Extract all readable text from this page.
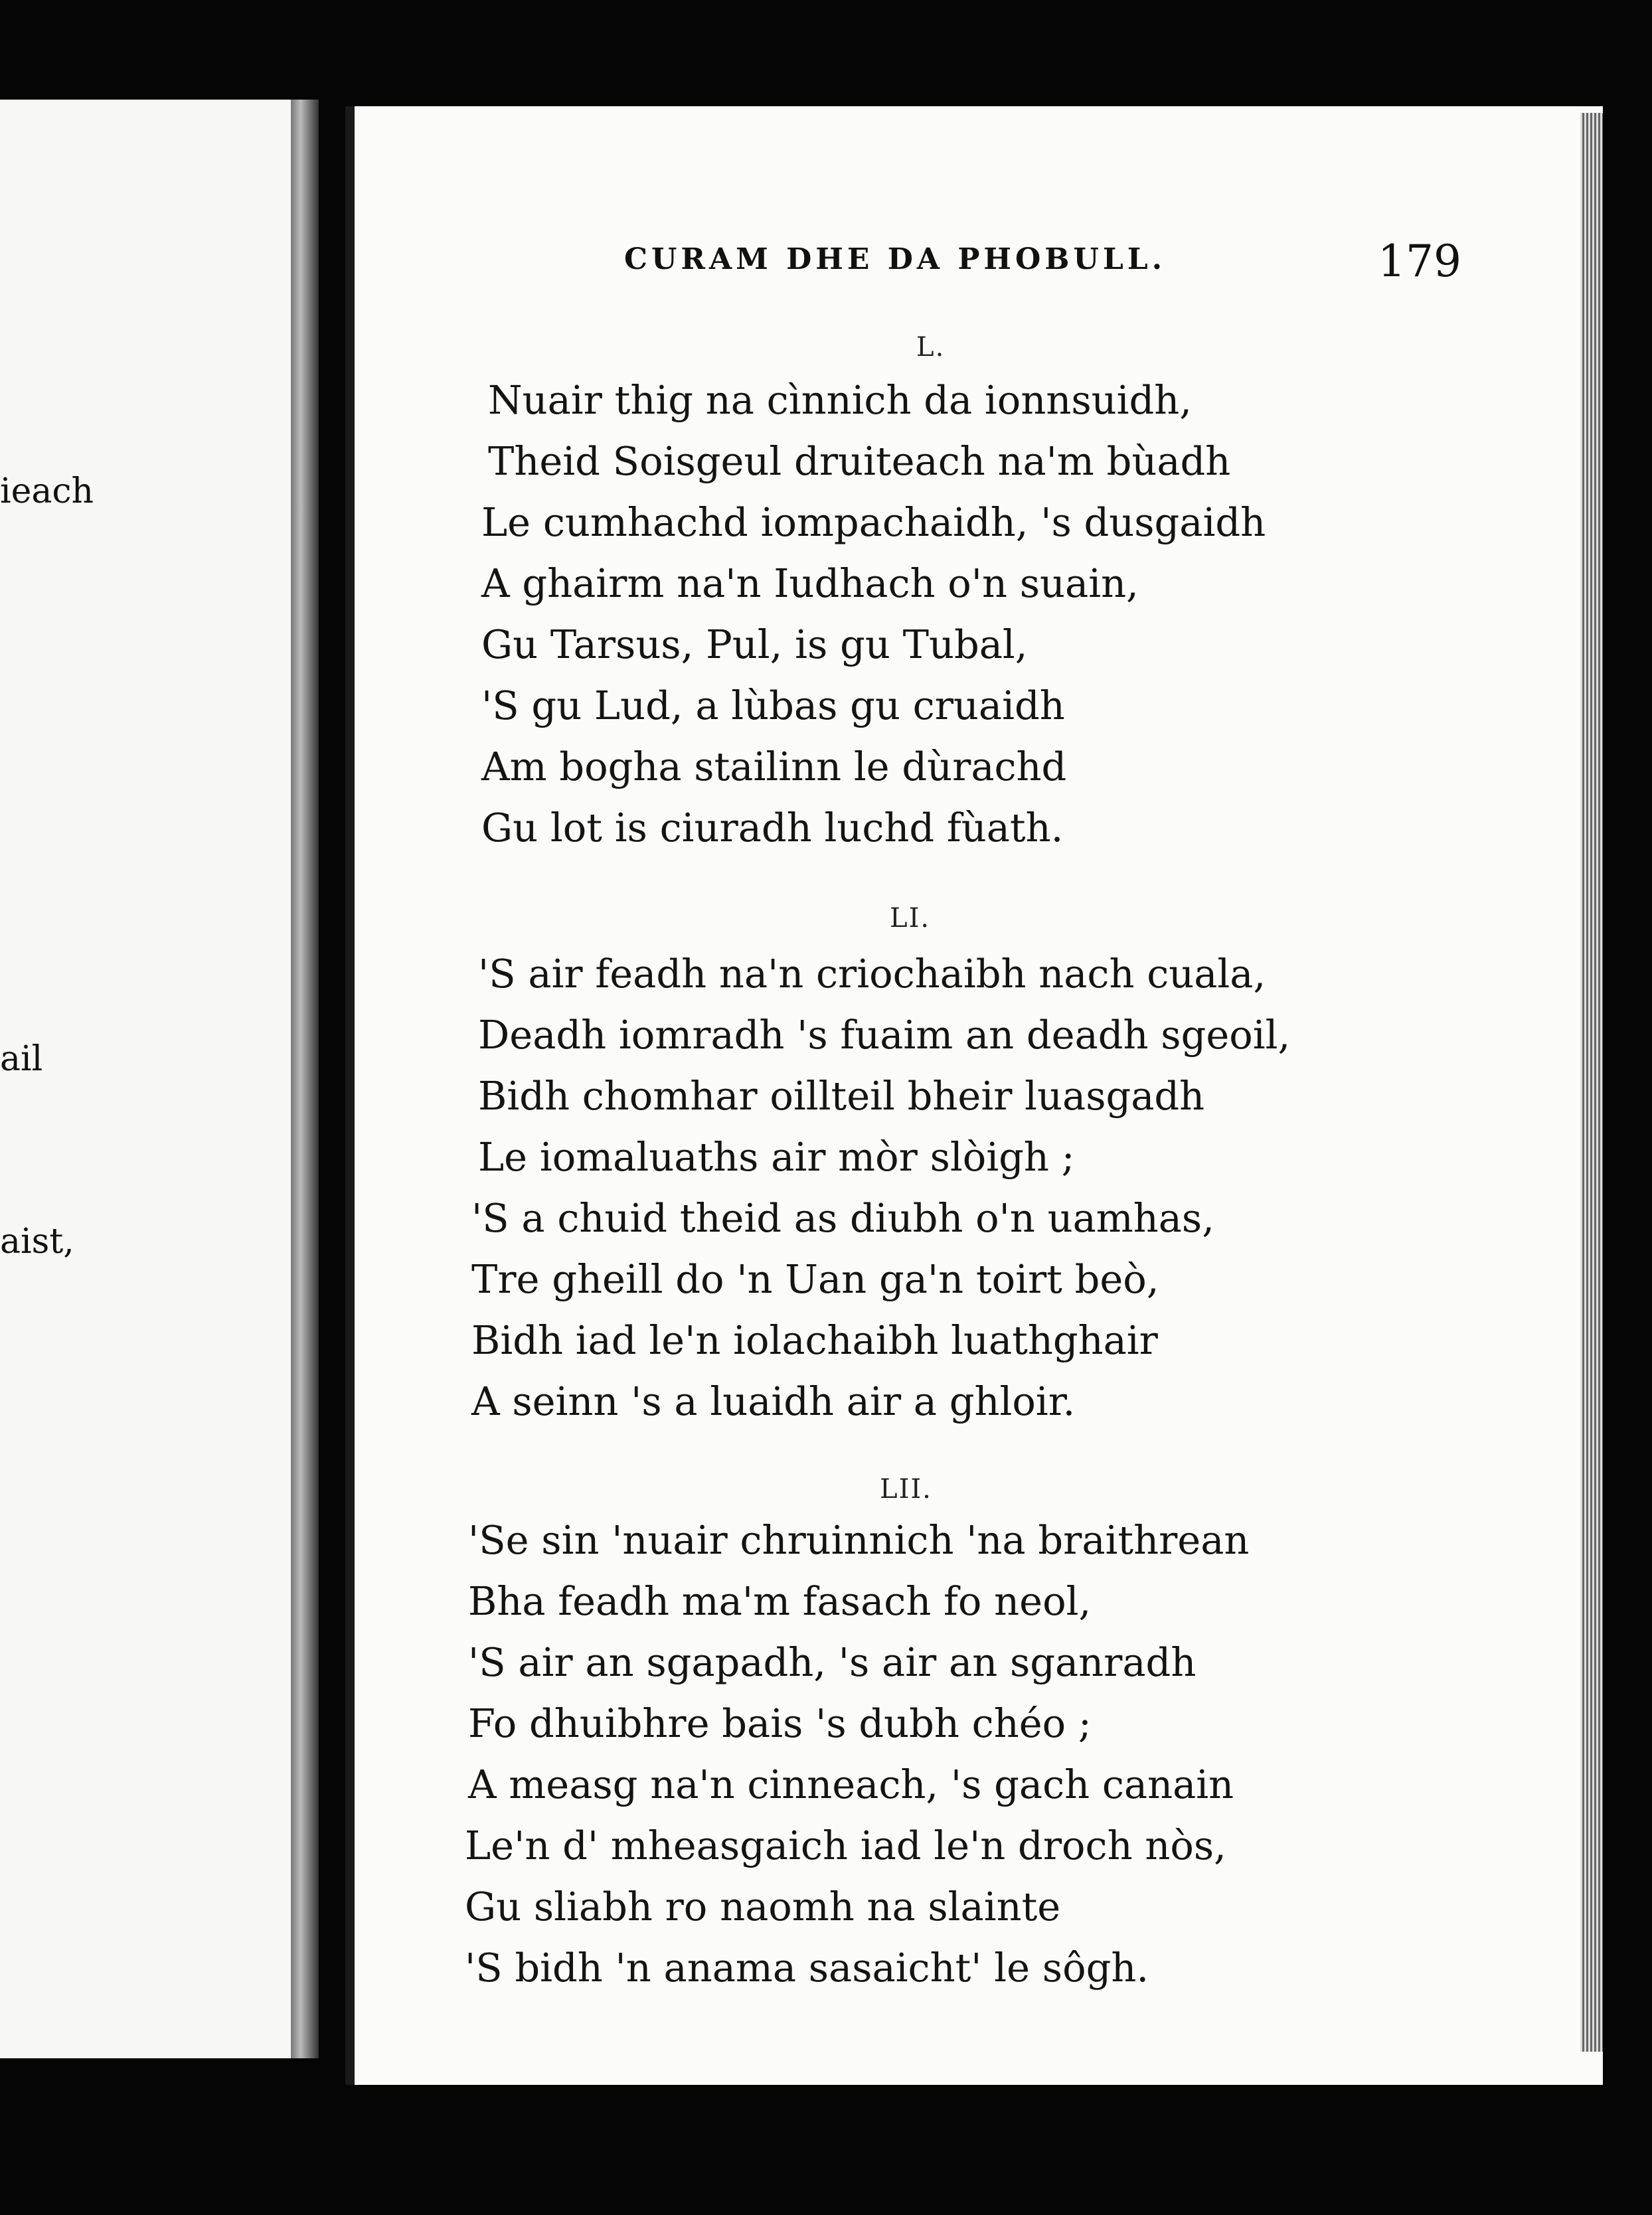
ieach
ail
aist,
CURAM DHE DA PHOBULL.	179
L.
Nuair thig na cìnnich da ionnsuidh,
Theid Soisgeul druiteach na'm bùadh
Le cumhachd iompachaidh, 's dusgaidh
A ghairm na'n Iudhach o'n suain,
Gu Tarsus, Pul, is gu Tubal,
'S gu Lud, a lùbas gu cruaidh
Am bogha stailinn le dùrachd
Gu lot is ciuradh luchd fùath.
LI.
'S air feadh na'n criochaibh nach cuala,
Deadh iomradh 's fuaim an deadh sgeoil,
Bidh chomhar oillteil bheir luasgadh
Le iomaluaths air mòr slòigh ;
'S a chuid theid as diubh o'n uamhas,
Tre gheill do 'n Uan ga'n toirt beò,
Bidh iad le'n iolachaibh luathghair
A seinn 's a luaidh air a ghloir.
LII.
'Se sin 'nuair chruinnich 'na braithrean
Bha feadh ma'm fasach fo neol,
'S air an sgapadh, 's air an sganradh
Fo dhuibhre bais 's dubh chéo ;
A measg na'n cinneach, 's gach canain
Le'n d' mheasgaich iad le'n droch nòs,
Gu sliabh ro naomh na slainte
'S bidh 'n anama sasaicht' le sôgh.
